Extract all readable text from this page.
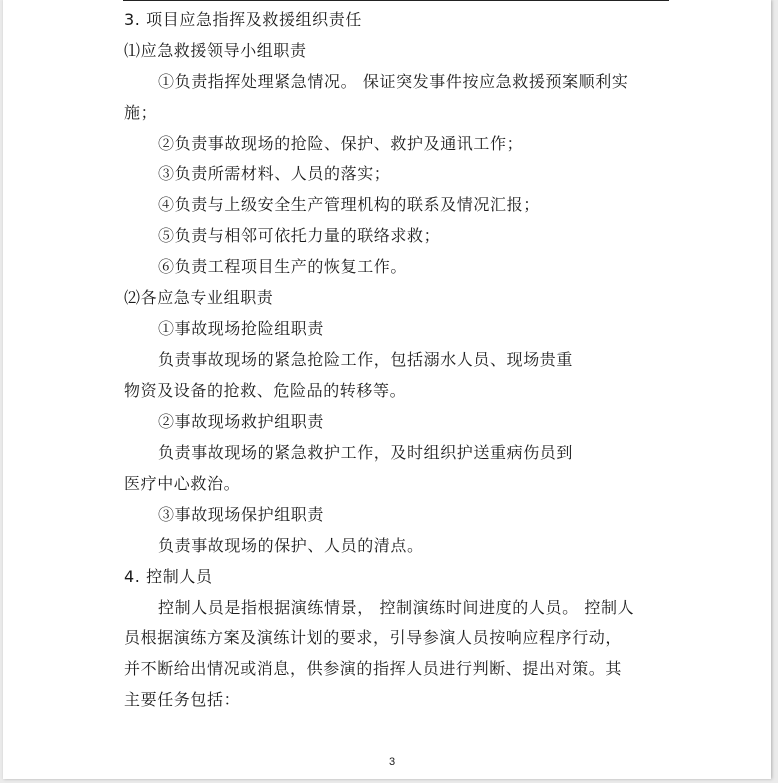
3. 项目应急指挥及救援组织责任
⑴应急救援领导小组职责
①负责指挥处理紧急情况。 保证突发事件按应急救援预案顺利实
施；
②负责事故现场的抢险、保护、救护及通讯工作；
③负责所需材料、人员的落实；
④负责与上级安全生产管理机构的联系及情况汇报；
⑤负责与相邻可依托力量的联络求救；
⑥负责工程项目生产的恢复工作。
⑵各应急专业组职责
①事故现场抢险组职责
负责事故现场的紧急抢险工作，包括溺水人员、现场贵重
物资及设备的抢救、危险品的转移等。
②事故现场救护组职责
负责事故现场的紧急救护工作，及时组织护送重病伤员到
医疗中心救治。
③事故现场保护组职责
负责事故现场的保护、人员的清点。
4. 控制人员
控制人员是指根据演练情景， 控制演练时间进度的人员。 控制人
员根据演练方案及演练计划的要求，引导参演人员按响应程序行动，
并不断给出情况或消息，供参演的指挥人员进行判断、提出对策。其
主要任务包括：
3
